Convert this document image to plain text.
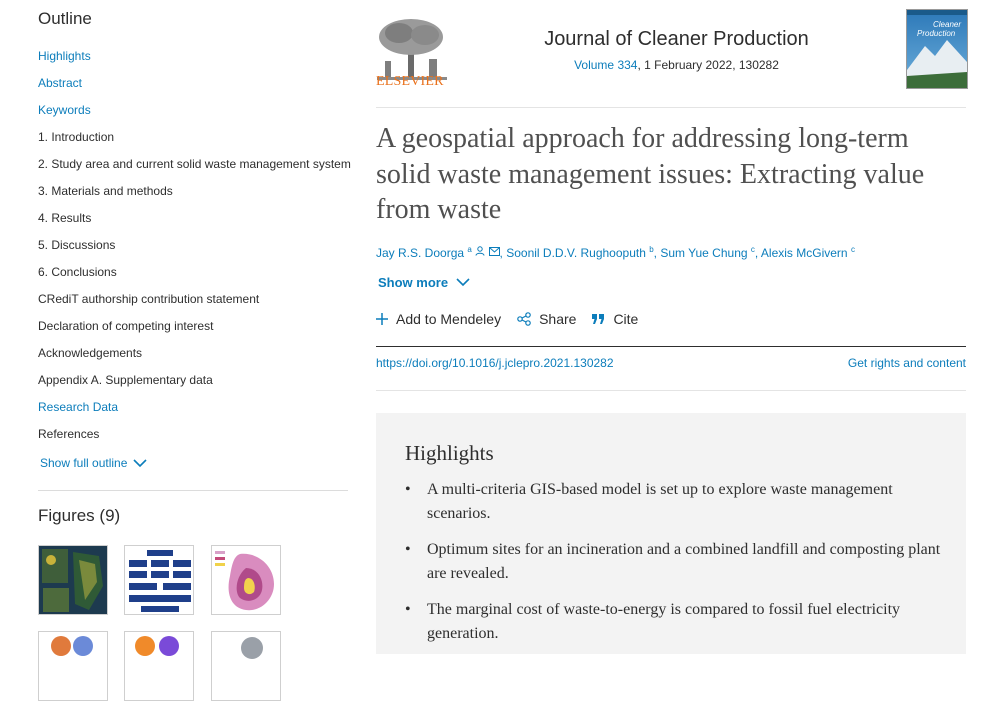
Outline
Highlights
Abstract
Keywords
1. Introduction
2. Study area and current solid waste management system
3. Materials and methods
4. Results
5. Discussions
6. Conclusions
CRediT authorship contribution statement
Declaration of competing interest
Acknowledgements
Appendix A. Supplementary data
Research Data
References
Show full outline
Figures (9)
ELSEVIER
Journal of Cleaner Production
Volume 334, 1 February 2022, 130282
Cleaner
Production
A geospatial approach for addressing long-term solid waste management issues: Extracting value from waste
Jay R.S. Doorga $^a$ , Soonil D.D.V. Rughooputh $^b$, Sum Yue Chung $^c$, Alexis McGivern $^c$
Show more
Add to Mendeley	Share	Cite
https://doi.org/10.1016/j.jclepro.2021.130282	Get rights and content
Highlights
• A multi-criteria GIS-based model is set up to explore waste management scenarios.
• Optimum sites for an incineration and a combined landfill and composting plant are revealed.
• The marginal cost of waste-to-energy is compared to fossil fuel electricity generation.
